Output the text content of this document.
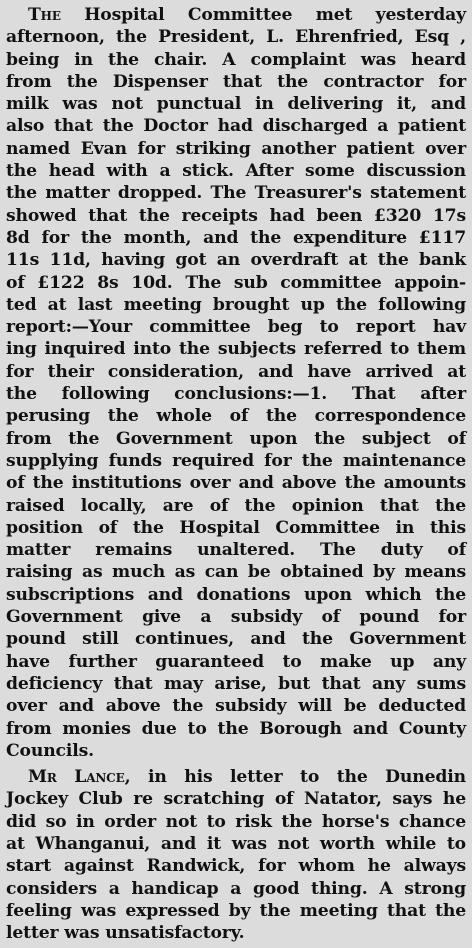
The Hospital Committee met yesterday
afternoon, the President, L. Ehrenfried, Esq ,
being in the chair. A complaint was heard
from the Dispenser that the contractor for
milk was not punctual in delivering it, and
also that the Doctor had discharged a patient
named Evan for striking another patient over
the head with a stick. After some discussion
the matter dropped. The Treasurer's statement
showed that the receipts had been £320 17s
8d for the month, and the expenditure £117
11s 11d, having got an overdraft at the bank
of £122 8s 10d. The sub committee appoin-
ted at last meeting brought up the following
report:—Your committee beg to report hav
ing inquired into the subjects referred to them
for their consideration, and have arrived at
the following conclusions:—1. That after
perusing the whole of the correspondence
from the Government upon the subject of
supplying funds required for the maintenance
of the institutions over and above the amounts
raised locally, are of the opinion that the
position of the Hospital Committee in this
matter remains unaltered. The duty of
raising as much as can be obtained by means
subscriptions and donations upon which the
Government give a subsidy of pound for
pound still continues, and the Government
have further guaranteed to make up any
deficiency that may arise, but that any sums
over and above the subsidy will be deducted
from monies due to the Borough and County
Councils.

Mr Lance, in his letter to the Dunedin
Jockey Club re scratching of Natator, says he
did so in order not to risk the horse's chance
at Whanganui, and it was not worth while to
start against Randwick, for whom he always
considers a handicap a good thing. A strong
feeling was expressed by the meeting that the
letter was unsatisfactory.
